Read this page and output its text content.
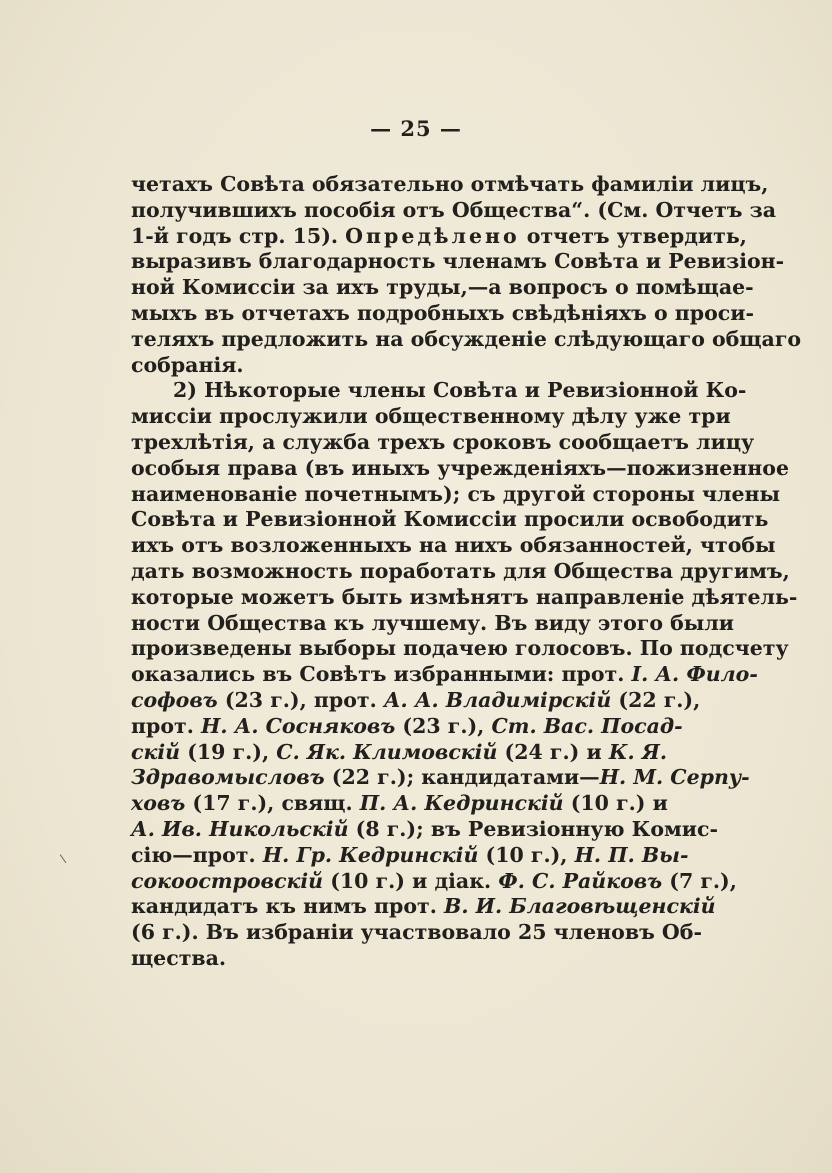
— 25 —
четахъ Совѣта обязательно отмѣчать фамиліи лицъ,
получившихъ пособія отъ Общества“. (См. Отчетъ за
1-й годъ стр. 15). Опредѣлено отчетъ утвердить,
выразивъ благодарность членамъ Совѣта и Ревизіон-
ной Комиссіи за ихъ труды,—а вопросъ о помѣщае-
мыхъ въ отчетахъ подробныхъ свѣдѣніяхъ о проси-
теляхъ предложить на обсужденіе слѣдующаго общаго
собранія.
2) Нѣкоторые члены Совѣта и Ревизіонной Ко-
миссіи прослужили общественному дѣлу уже три
трехлѣтія, а служба трехъ сроковъ сообщаетъ лицу
особыя права (въ иныхъ учрежденіяхъ—пожизненное
наименованіе почетнымъ); съ другой стороны члены
Совѣта и Ревизіонной Комиссіи просили освободить
ихъ отъ возложенныхъ на нихъ обязанностей, чтобы
дать возможность поработать для Общества другимъ,
которые можетъ быть измѣнятъ направленіе дѣятель-
ности Общества къ лучшему. Въ виду этого были
произведены выборы подачею голосовъ. По подсчету
оказались въ Совѣтъ избранными: прот. І. А. Фило-
софовъ (23 г.), прот. А. А. Владимірскій (22 г.),
прот. Н. А. Сосняковъ (23 г.), Ст. Вас. Посад-
скій (19 г.), С. Як. Климовскій (24 г.) и К. Я.
Здравомысловъ (22 г.); кандидатами—Н. М. Серпу-
ховъ (17 г.), свящ. П. А. Кедринскій (10 г.) и
А. Ив. Никольскій (8 г.); въ Ревизіонную Комис-
сію—прот. Н. Гр. Кедринскій (10 г.), Н. П. Вы-
сокоостровскій (10 г.) и діак. Ф. С. Райковъ (7 г.),
кандидатъ къ нимъ прот. В. И. Благовѣщенскій
(6 г.). Въ избраніи участвовало 25 членовъ Об-
щества.
